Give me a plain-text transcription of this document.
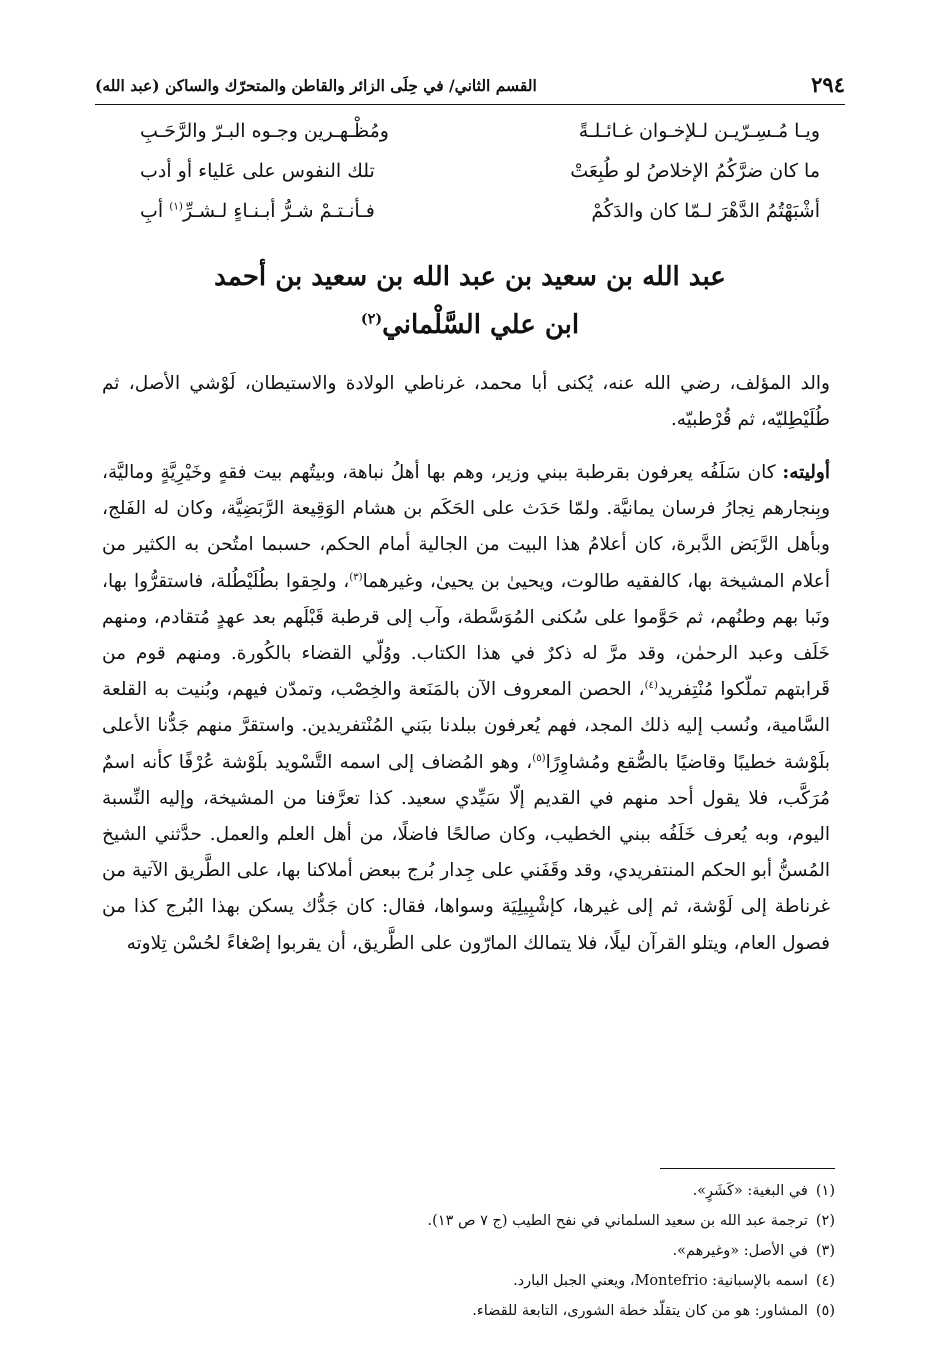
٢٩٤
القسم الثاني/ في حِلَى الزائر والقاطن والمتحرّك والساكن (عبد الله)
ويـا مُـسِـرّيـن لـلإخـوان غـائـلـةً
ومُظْـهـرين وجـوه البـرّ والرَّحَـبِ
ما كان ضرَّكُمُ الإخلاصُ لو طُبِعَتْ
تلك النفوس على عَلياء أو أدب
أشْبَهْتُمُ الدَّهْرَ لـمّا كان والدَكُمْ
فـأنـتـمْ شـرُّ أبـنـاءٍ لـشـرِّ$^{(١)}$ أبِ
عبد الله بن سعيد بن عبد الله بن سعيد بن أحمد
ابن علي السَّلْماني$^{(٢)}$
والد المؤلف، رضي الله عنه، يُكنى أبا محمد، غرناطي الولادة والاستيطان، لَوْشي الأصل، ثم طُلَيْطِليّه، ثم قُرْطبيّه.
أوليته: كان سَلَفُه يعرفون بقرطبة ببني وزير، وهم بها أهلُ نباهة، وبيتُهم بيت فقهٍ وخَيْرِيَّةٍ وماليَّة، وبِنجارهم نِجارُ فرسان يمانيَّة. ولمّا حَدَث على الحَكَم بن هشام الوَقِيعة الرَّبَضِيَّة، وكان له الفَلج، وبأهل الرَّبَض الدَّبرة، كان أعلامُ هذا البيت من الجالية أمام الحكم، حسبما امتُحن به الكثير من أعلام المشيخة بها، كالفقيه طالوت، ويحيىٰ بن يحيىٰ، وغيرهما$^{(٣)}$، ولحِقوا بطُلَيْطُلة، فاستقرُّوا بها، ونَبا بهم وطنُهم، ثم حَوَّموا على سُكنى المُوَسَّطة، وآب إلى قرطبة قَبْلَهم بعد عهدٍ مُتقادم، ومنهم خَلَف وعبد الرحمٰن، وقد مرَّ له ذكرٌ في هذا الكتاب. ووُلّي القضاء بالكُورة. ومنهم قوم من قَرابتهم تملّكوا مُنْتِفريد$^{(٤)}$، الحصن المعروف الآن بالمَنَعة والخِصْب، وتمدّن فيهم، وبُنيت به القلعة السَّامية، ونُسب إليه ذلك المجد، فهم يُعرفون ببلدنا ببَني المُنْتفريدين. واستقرَّ منهم جَدُّنا الأعلى بلَوْشة خطيبًا وقاضيًا بالصُّقع ومُشاوِرًا$^{(٥)}$، وهو المُضاف إلى اسمه التَّسْويد بلَوْشة عُرْفًا كأنه اسمٌ مُرَكَّب، فلا يقول أحد منهم في القديم إلّا سَيِّدي سعيد. كذا تعرَّفنا من المشيخة، وإليه النِّسبة اليوم، وبه يُعرف خَلَفُه ببني الخطيب، وكان صالحًا فاضلًا، من أهل العلم والعمل. حدَّثني الشيخ المُسنُّ أبو الحكم المنتفريدي، وقد وقَفَني على جِدار بُرج ببعض أملاكنا بها، على الطَّريق الآتية من غرناطة إلى لَوْشة، ثم إلى غيرها، كإشْبِيلِيَة وسواها، فقال: كان جَدُّك يسكن بهذا البُرج كذا من فصول العام، ويتلو القرآن ليلًا، فلا يتمالك المارّون على الطَّريق، أن يقربوا إصْغاءً لحُسْن تِلاوته
(١)في البغية: «كَشَرٍ».
(٢)ترجمة عبد الله بن سعيد السلماني في نفح الطيب (ج ٧ ص ١٣).
(٣)في الأصل: «وغيرهم».
(٤)اسمه بالإسبانية: Montefrio، ويعني الجبل البارد.
(٥)المشاور: هو من كان يتقلّد خطة الشورى، التابعة للقضاء.
